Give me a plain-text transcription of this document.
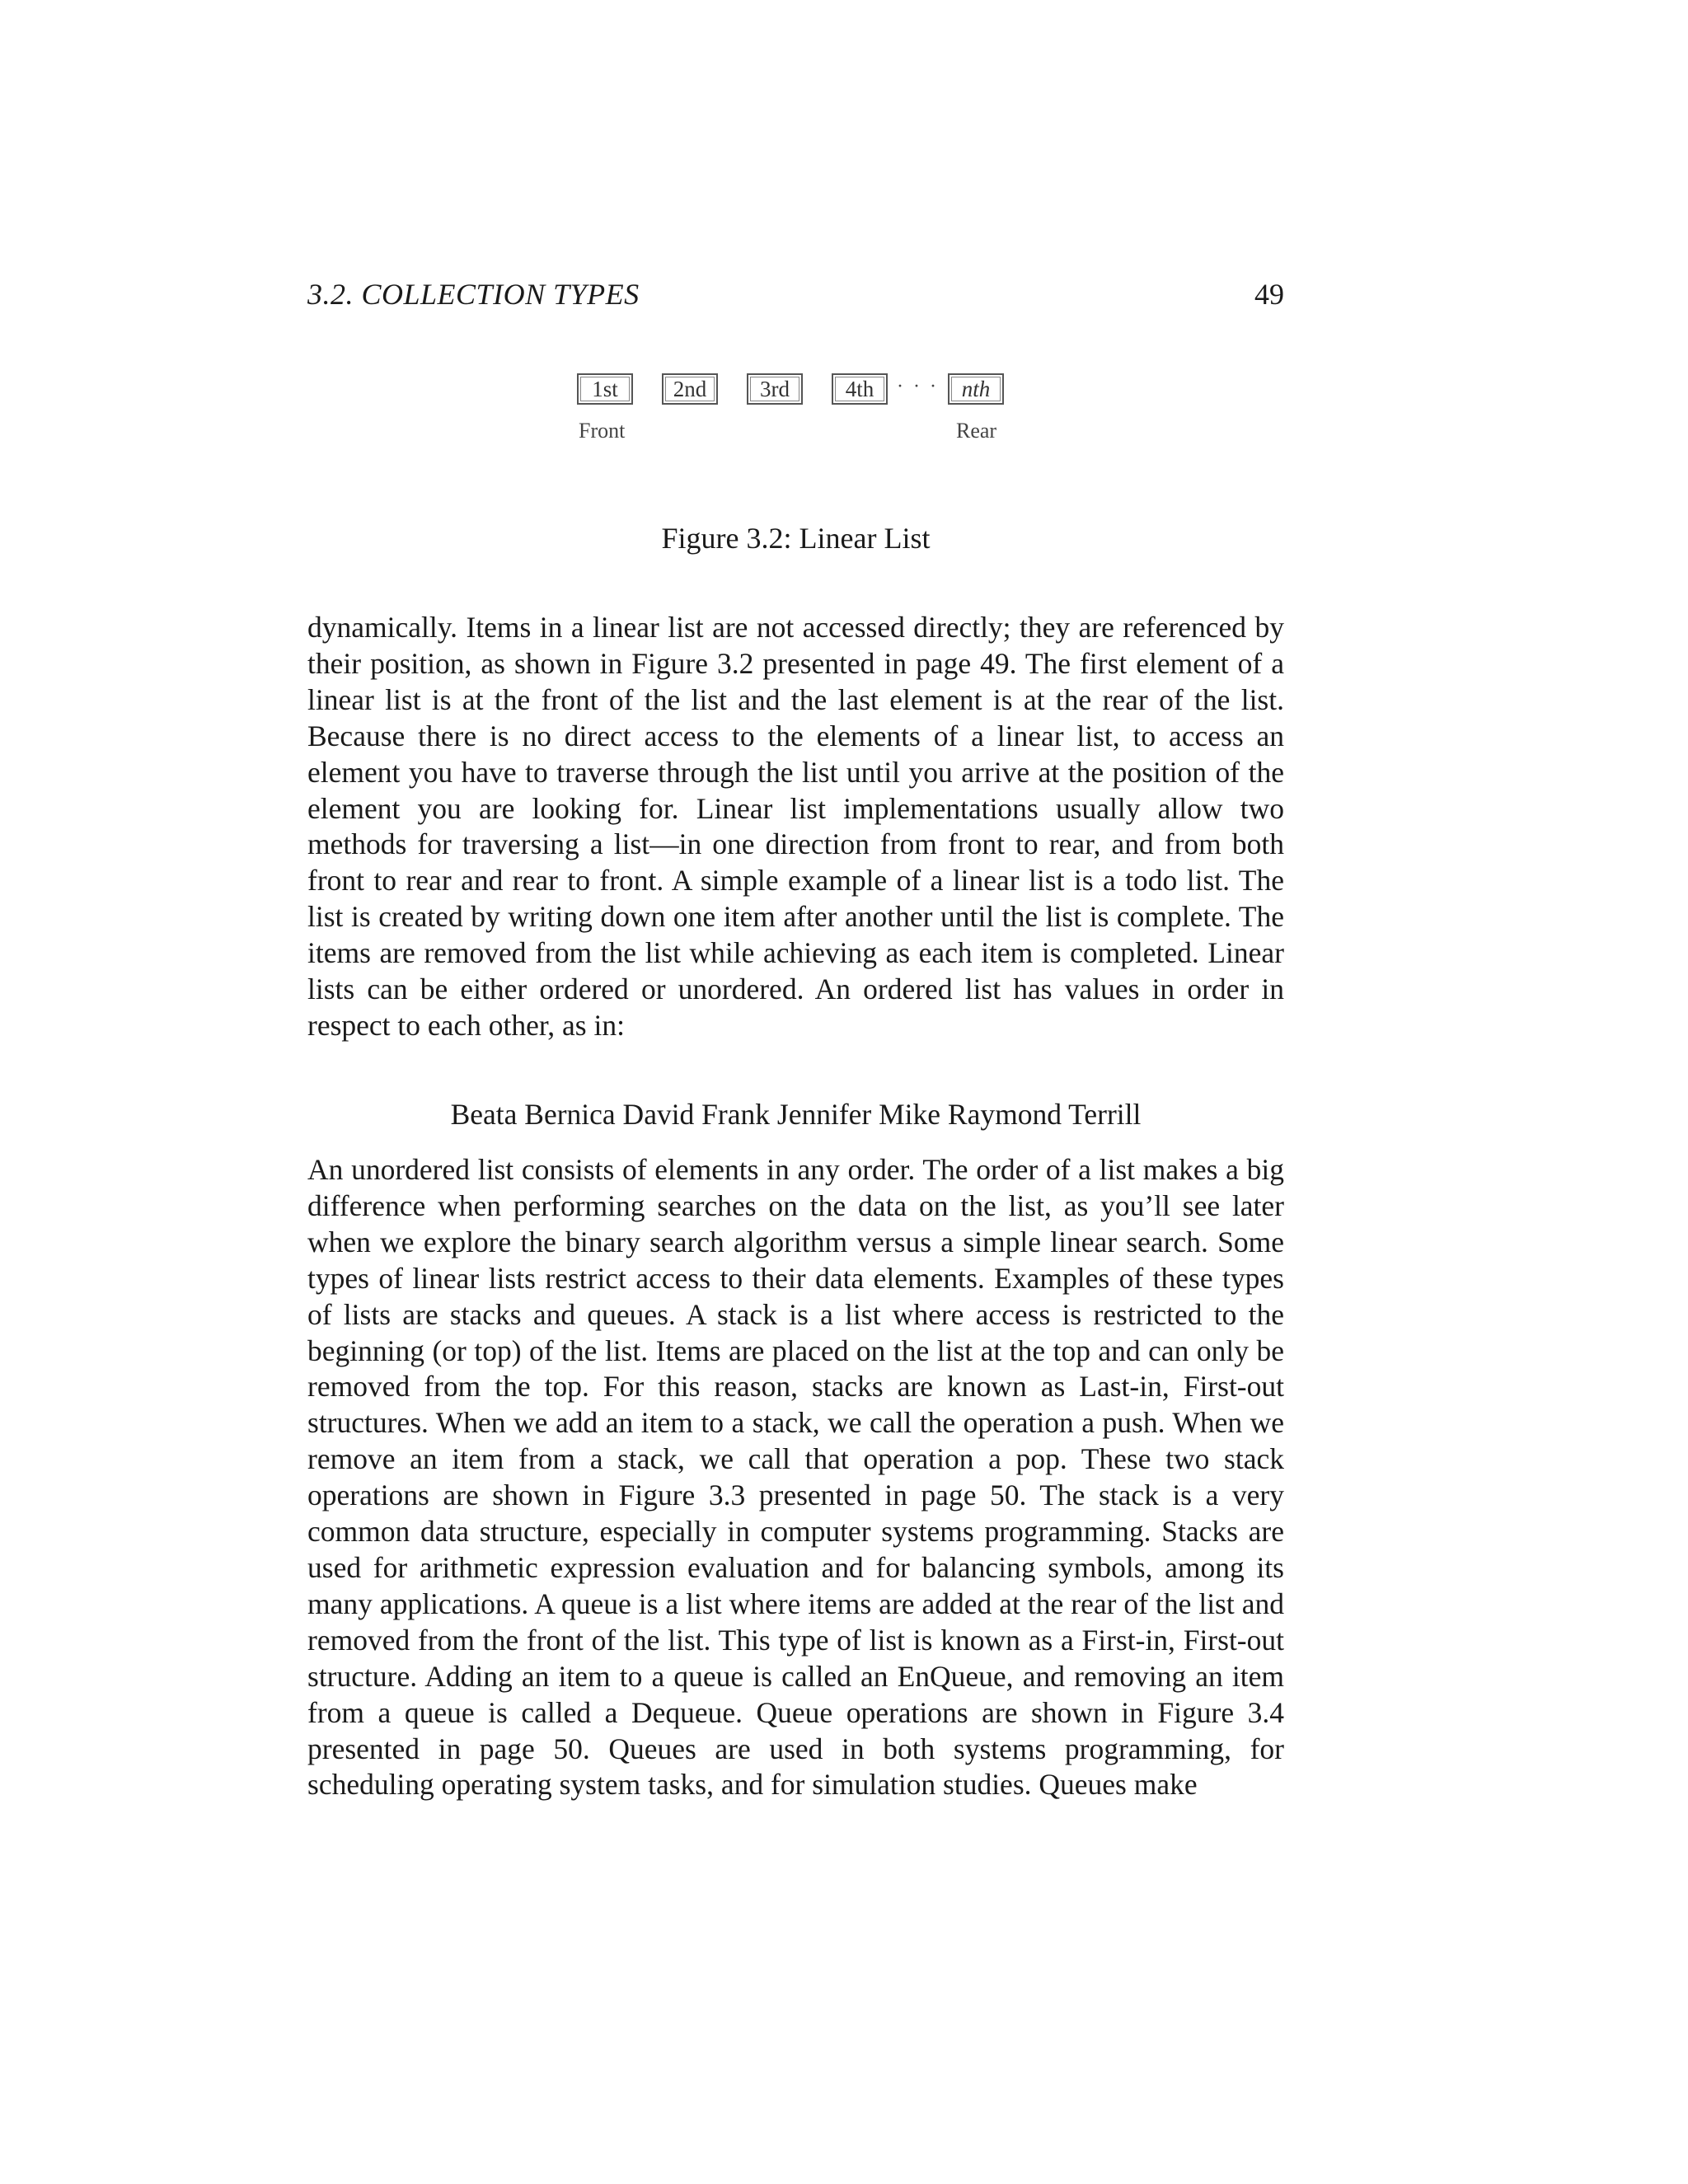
3.2. COLLECTION TYPES	49
1st	2nd	3rd	4th	· · ·	nth
Front	Rear
Figure 3.2: Linear List

dynamically. Items in a linear list are not accessed directly; they are referenced by their position, as shown in Figure 3.2 presented in page 49. The first element of a linear list is at the front of the list and the last element is at the rear of the list. Because there is no direct access to the elements of a linear list, to access an element you have to traverse through the list until you arrive at the position of the element you are looking for. Linear list implementations usually allow two methods for traversing a list—in one direction from front to rear, and from both front to rear and rear to front. A simple example of a linear list is a todo list. The list is created by writing down one item after another until the list is complete. The items are removed from the list while achieving as each item is completed. Linear lists can be either ordered or unordered. An ordered list has values in order in respect to each other, as in:

Beata Bernica David Frank Jennifer Mike Raymond Terrill

An unordered list consists of elements in any order. The order of a list makes a big difference when performing searches on the data on the list, as you’ll see later when we explore the binary search algorithm versus a simple linear search. Some types of linear lists restrict access to their data elements. Examples of these types of lists are stacks and queues. A stack is a list where access is restricted to the beginning (or top) of the list. Items are placed on the list at the top and can only be removed from the top. For this reason, stacks are known as Last-in, First-out structures. When we add an item to a stack, we call the operation a push. When we remove an item from a stack, we call that operation a pop. These two stack operations are shown in Figure 3.3 presented in page 50. The stack is a very common data structure, especially in computer systems programming. Stacks are used for arithmetic expression evaluation and for balancing symbols, among its many applications. A queue is a list where items are added at the rear of the list and removed from the front of the list. This type of list is known as a First-in, First-out structure. Adding an item to a queue is called an EnQueue, and removing an item from a queue is called a Dequeue. Queue operations are shown in Figure 3.4 presented in page 50. Queues are used in both systems programming, for scheduling operating system tasks, and for simulation studies. Queues make
